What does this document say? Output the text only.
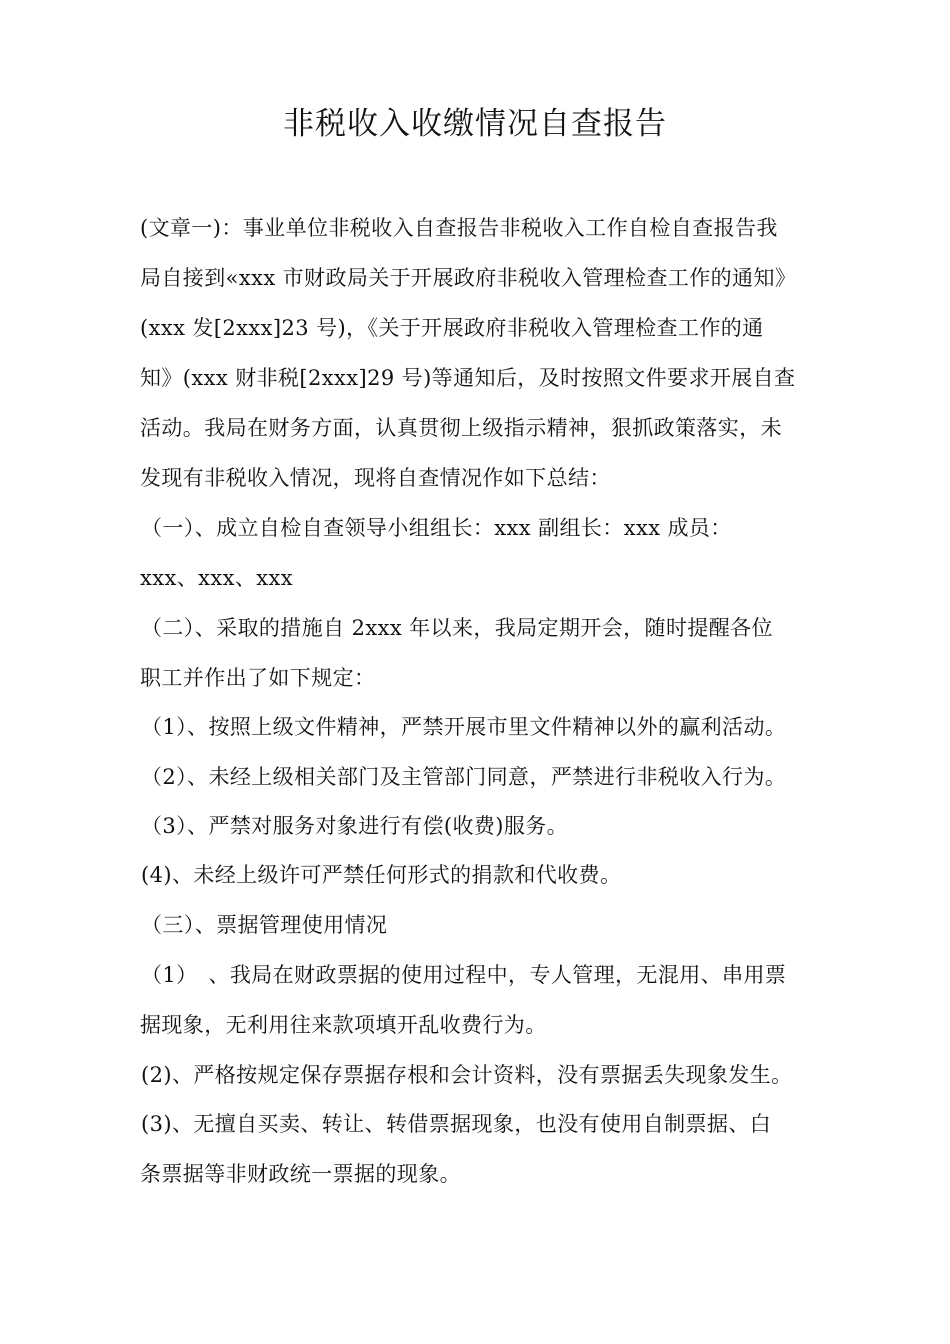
非税收入收缴情况自查报告
(文章一)：事业单位非税收入自查报告非税收入工作自检自查报告我
局自接到«xxx 市财政局关于开展政府非税收入管理检查工作的通知》
(xxx 发[2xxx]23 号)，《关于开展政府非税收入管理检查工作的通
知》(xxx 财非税[2xxx]29 号)等通知后，及时按照文件要求开展自查
活动。我局在财务方面，认真贯彻上级指示精神，狠抓政策落实，未
发现有非税收入情况，现将自查情况作如下总结：
（一）、成立自检自查领导小组组长：xxx 副组长：xxx 成员：
xxx、xxx、xxx
（二）、采取的措施自 2xxx 年以来，我局定期开会，随时提醒各位
职工并作出了如下规定：
（1）、按照上级文件精神，严禁开展市里文件精神以外的赢利活动。
（2）、未经上级相关部门及主管部门同意，严禁进行非税收入行为。
（3）、严禁对服务对象进行有偿(收费)服务。
(4)、未经上级许可严禁任何形式的捐款和代收费。
（三）、票据管理使用情况
（1）　、我局在财政票据的使用过程中，专人管理，无混用、串用票
据现象，无利用往来款项填开乱收费行为。
(2)、严格按规定保存票据存根和会计资料，没有票据丢失现象发生。
(3)、无擅自买卖、转让、转借票据现象，也没有使用自制票据、白
条票据等非财政统一票据的现象。
